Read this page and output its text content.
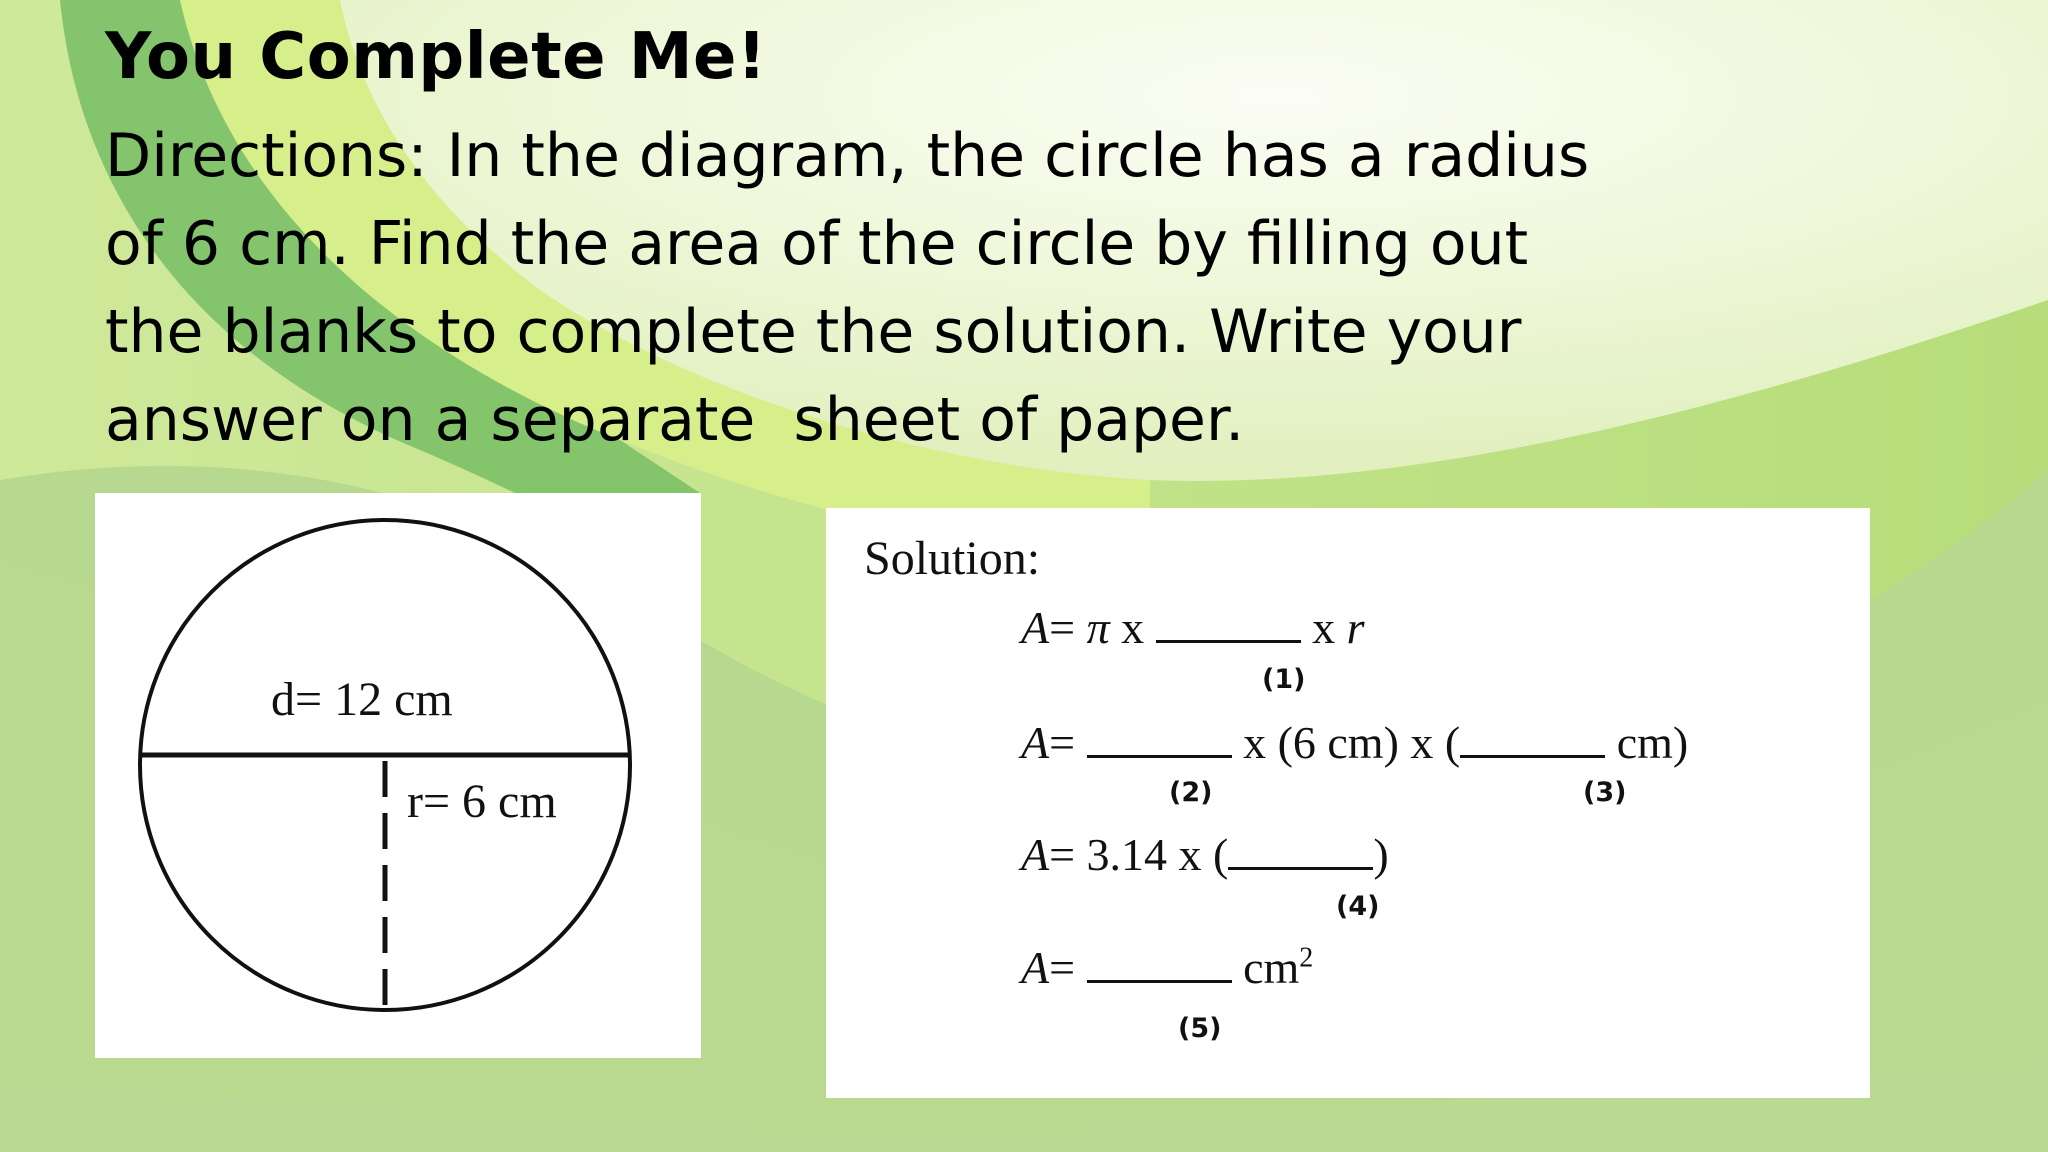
You Complete Me!
Directions: In the diagram, the circle has a radius
of 6 cm. Find the area of the circle by filling out
the blanks to complete the solution. Write your
answer on a separate  sheet of paper.
d= 12 cm
r= 6 cm
Solution:
A= π x	x r
(1)
A=	x (6 cm) x (	cm)
(2)	(3)
A= 3.14 x (	)
(4)
A=	$cm^2$
(5)
